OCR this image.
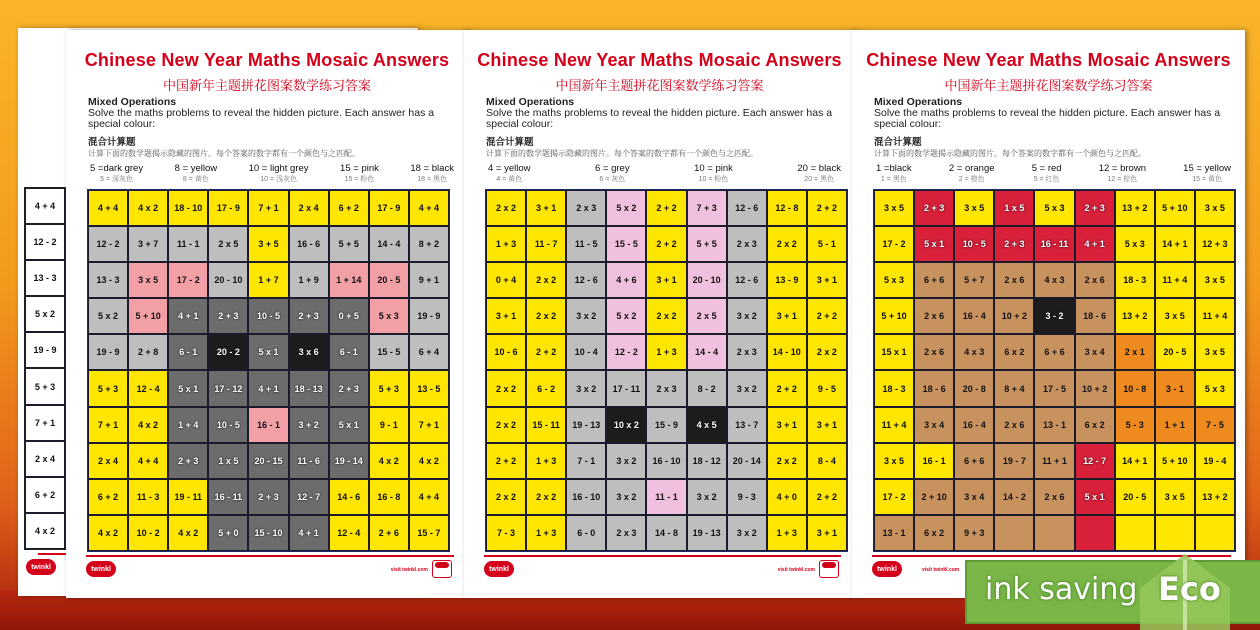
4 + 4
12 - 2
13 - 3
5 x 2
19 - 9
5 + 3
7 + 1
2 x 4
6 + 2
4 x 2
twinkl
Chinese New Year Maths Mosaic Answers
中国新年主题拼花图案数学练习答案
Mixed Operations
Solve the maths problems to reveal the hidden picture. Each answer has a special colour:
混合计算题
计算下面的数学题揭示隐藏的图片。每个答案的数字都有一个颜色与之匹配。
5 =dark grey
5 = 深灰色
8 = yellow
8 = 黄色
10 = light grey
10 = 浅灰色
15 = pink
15 = 粉色
18 = black
18 = 黑色
4 + 4	4 x 2	18 - 10	17 - 9	7 + 1	2 x 4	6 + 2	17 - 9	4 + 4
12 - 2	3 + 7	11 - 1	2 x 5	3 + 5	16 - 6	5 + 5	14 - 4	8 + 2
13 - 3	3 x 5	17 - 2	20 - 10	1 + 7	1 + 9	1 + 14	20 - 5	9 + 1
5 x 2	5 + 10	4 + 1	2 + 3	10 - 5	2 + 3	0 + 5	5 x 3	19 - 9
19 - 9	2 + 8	6 - 1	20 - 2	5 x 1	3 x 6	6 - 1	15 - 5	6 + 4
5 + 3	12 - 4	5 x 1	17 - 12	4 + 1	18 - 13	2 + 3	5 + 3	13 - 5
7 + 1	4 x 2	1 + 4	10 - 5	16 - 1	3 + 2	5 x 1	9 - 1	7 + 1
2 x 4	4 + 4	2 + 3	1 x 5	20 - 15	11 - 6	19 - 14	4 x 2	4 x 2
6 + 2	11 - 3	19 - 11	16 - 11	2 + 3	12 - 7	14 - 6	16 - 8	4 + 4
4 x 2	10 - 2	4 x 2	5 + 0	15 - 10	4 + 1	12 - 4	2 + 6	15 - 7
twinkl	visit twinkl.com
Chinese New Year Maths Mosaic Answers
中国新年主题拼花图案数学练习答案
Mixed Operations
Solve the maths problems to reveal the hidden picture. Each answer has a special colour:
混合计算题
计算下面的数学题揭示隐藏的图片。每个答案的数字都有一个颜色与之匹配。
4 = yellow
4 = 黄色
6 = grey
6 = 灰色
10 = pink
10 = 粉色
20 = black
20 = 黑色
2 x 2	3 + 1	2 x 3	5 x 2	2 + 2	7 + 3	12 - 6	12 - 8	2 + 2
1 + 3	11 - 7	11 - 5	15 - 5	2 + 2	5 + 5	2 x 3	2 x 2	5 - 1
0 + 4	2 x 2	12 - 6	4 + 6	3 + 1	20 - 10	12 - 6	13 - 9	3 + 1
3 + 1	2 x 2	3 x 2	5 x 2	2 x 2	2 x 5	3 x 2	3 + 1	2 + 2
10 - 6	2 + 2	10 - 4	12 - 2	1 + 3	14 - 4	2 x 3	14 - 10	2 x 2
2 x 2	6 - 2	3 x 2	17 - 11	2 x 3	8 - 2	3 x 2	2 + 2	9 - 5
2 x 2	15 - 11	19 - 13	10 x 2	15 - 9	4 x 5	13 - 7	3 + 1	3 + 1
2 + 2	1 + 3	7 - 1	3 x 2	16 - 10	18 - 12	20 - 14	2 x 2	8 - 4
2 x 2	2 x 2	16 - 10	3 x 2	11 - 1	3 x 2	9 - 3	4 + 0	2 + 2
7 - 3	1 + 3	6 - 0	2 x 3	14 - 8	19 - 13	3 x 2	1 + 3	3 + 1
twinkl	visit twinkl.com
Chinese New Year Maths Mosaic Answers
中国新年主题拼花图案数学练习答案
Mixed Operations
Solve the maths problems to reveal the hidden picture. Each answer has a special colour:
混合计算题
计算下面的数学题揭示隐藏的图片。每个答案的数字都有一个颜色与之匹配。
1 =black
1 = 黑色
2 = orange
2 = 橙色
5 = red
5 = 红色
12 = brown
12 = 棕色
15 = yellow
15 = 黄色
3 x 5	2 + 3	3 x 5	1 x 5	5 x 3	2 + 3	13 + 2	5 + 10	3 x 5
17 - 2	5 x 1	10 - 5	2 + 3	16 - 11	4 + 1	5 x 3	14 + 1	12 + 3
5 x 3	6 + 6	5 + 7	2 x 6	4 x 3	2 x 6	18 - 3	11 + 4	3 x 5
5 + 10	2 x 6	16 - 4	10 + 2	3 - 2	18 - 6	13 + 2	3 x 5	11 + 4
15 x 1	2 x 6	4 x 3	6 x 2	6 + 6	3 x 4	2 x 1	20 - 5	3 x 5
18 - 3	18 - 6	20 - 8	8 + 4	17 - 5	10 + 2	10 - 8	3 - 1	5 x 3
11 + 4	3 x 4	16 - 4	2 x 6	13 - 1	6 x 2	5 - 3	1 + 1	7 - 5
3 x 5	16 - 1	6 + 6	19 - 7	11 + 1	12 - 7	14 + 1	5 + 10	19 - 4
17 - 2	2 + 10	3 x 4	14 - 2	2 x 6	5 x 1	20 - 5	3 x 5	13 + 2
13 - 1	6 x 2	9 + 3
twinkl	visit twinkl.com
ink saving Eco
